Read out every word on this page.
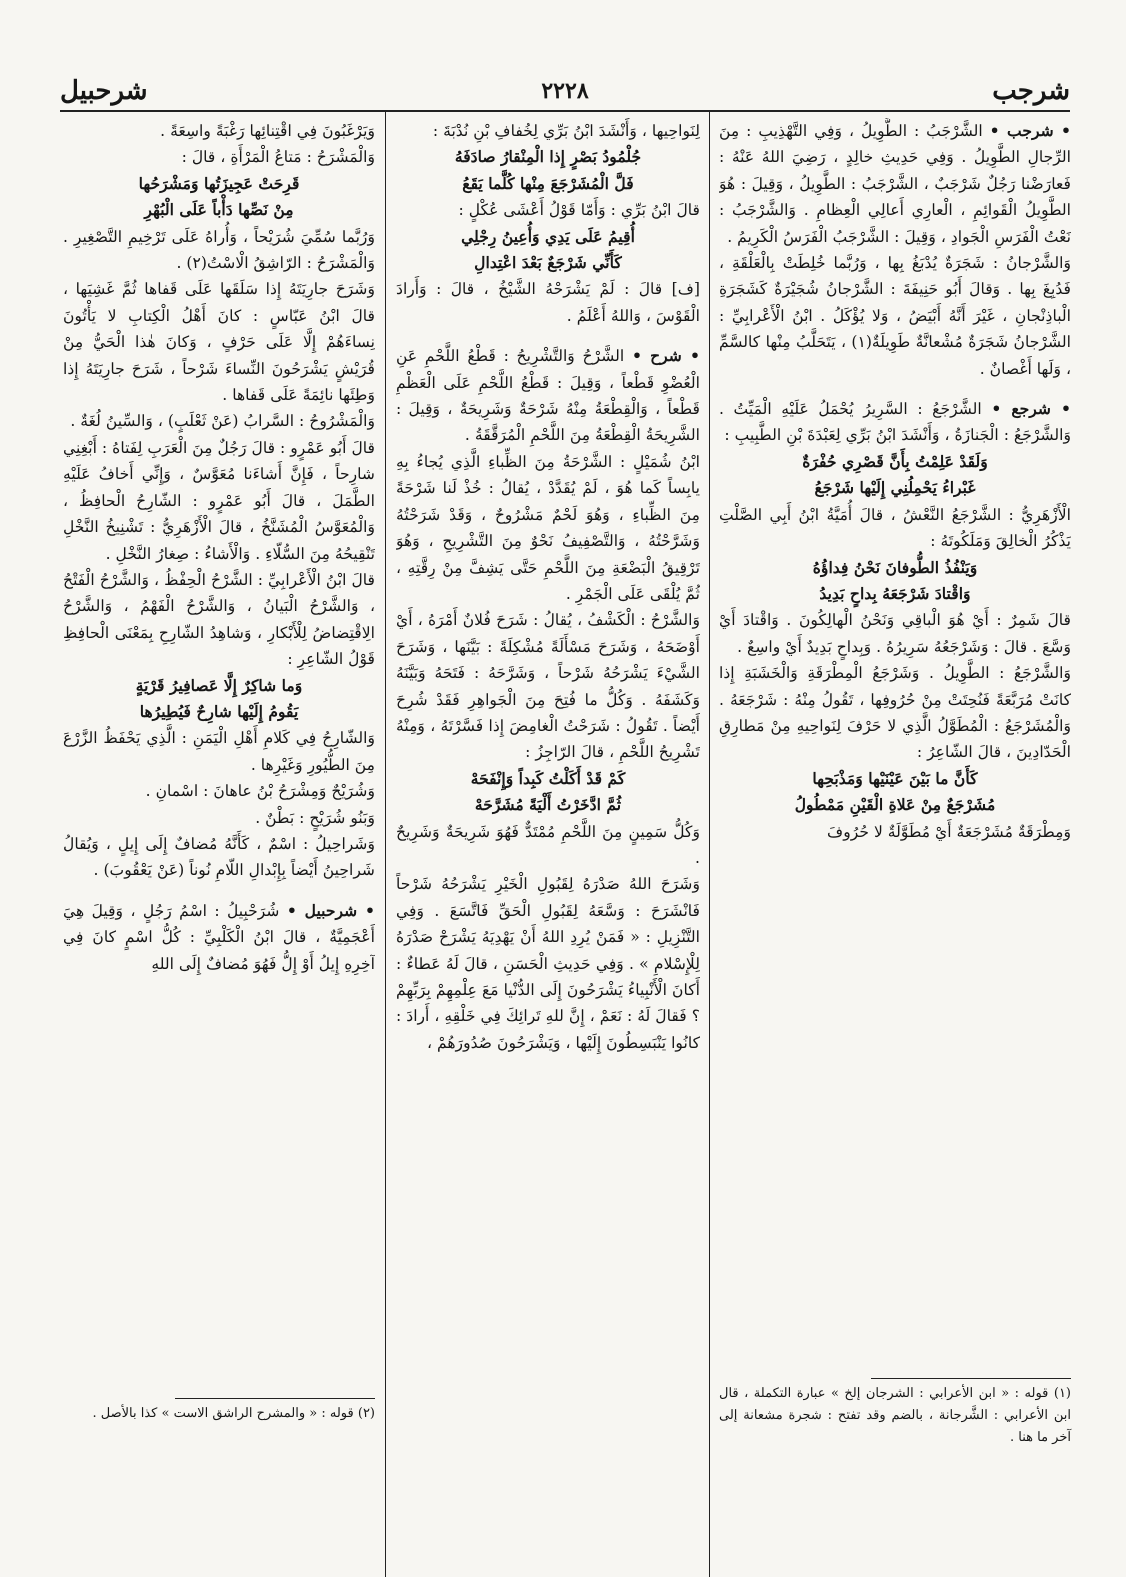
شرجب
٢٢٢٨
شرحبيل

• شرجب • الشَّرْجَبُ : الطَّوِيلُ ، وَفِي التَّهْذِيبِ : مِنَ الرِّجالِ الطَّوِيلُ . وَفِي حَدِيثِ خالِدٍ ، رَضِيَ اللهُ عَنْهُ : فَعارَضْنا رَجُلٌ شَرْجَبٌ ، الشَّرْجَبُ : الطَّوِيلُ ، وَقِيلَ : هُوَ الطَّوِيلُ الْقَوائِمِ ، الْعارِي أَعالِي الْعِظامِ . وَالشَّرْجَبُ : نَعْتُ الْفَرَسِ الْجَوادِ ، وَقِيلَ : الشَّرْجَبُ الْفَرَسُ الْكَرِيمُ .

وَالشَّرْجانُ : شَجَرَةٌ يُدْبَغُ بِها ، وَرُبَّما خُلِطَتْ بِالْعَلْقَةِ ، فَدُبِغَ بِها . وَقالَ أَبُو حَنِيفَةَ : الشَّرْجانُ شُجَيْرَةٌ كَشَجَرَةِ الْباذِنْجانِ ، غَيْرَ أَنَّهُ أَبْيَضُ ، وَلا يُؤْكَلُ . ابْنُ الْأَعْرابِيِّ : الشَّرْجانُ شَجَرَةٌ مُشْعانَّةٌ طَوِيلَةٌ(١) ، يَتَحَلَّبُ مِنْها كالسَّمِّ ، وَلَها أَغْصانٌ .

• شرجع • الشَّرْجَعُ : السَّرِيرُ يُحْمَلُ عَلَيْهِ الْمَيِّتُ . وَالشَّرْجَعُ : الْجَنازَةُ ، وَأَنْشَدَ ابْنُ بَرِّي لِعَبْدَةَ بْنِ الطَّبِيبِ :

وَلَقَدْ عَلِمْتُ بِأَنَّ قَصْرِي حُفْرَةٌ

غَبْراءُ يَحْمِلُنِي إِلَيْها شَرْجَعُ

الْأَزْهَرِيُّ : الشَّرْجَعُ النَّعْشُ ، قالَ أُمَيَّةُ ابْنُ أَبِي الصَّلْتِ يَذْكُرُ الْخالِقَ وَمَلَكُوتَهُ :

وَيَنْفُذُ الطُّوفانَ نَحْنُ فِداؤُهُ

وَاقْتادَ شَرْجَعَهُ بِداحٍ بَدِيدُ

قالَ شَمِرٌ : أَيْ هُوَ الْباقِي وَنَحْنُ الْهالِكُونَ . وَاقْتادَ أَيْ وَسَّعَ . قالَ : وَشَرْجَعُهُ سَرِيرُهُ . وَبِداحٍ بَدِيدٌ أَيْ واسِعٌ .

وَالشَّرْجَعُ : الطَّوِيلُ . وَشَرْجَعُ الْمِطْرَقَةِ وَالْخَشَبَةِ إِذا كانَتْ مُرَبَّعَةً فَنُحِتَتْ مِنْ حُرُوفِها ، تَقُولُ مِنْهُ : شَرْجَعَهُ . وَالْمُشَرْجَعُ : الْمُطَوَّلُ الَّذِي لا حَرْفَ لِنَواحِيهِ مِنْ مَطارِقِ الْحَدّادِينَ ، قالَ الشّاعِرُ :

كَأَنَّ ما بَيْنَ عَيْنَيْها وَمَذْبَحِها

مُشَرْجَعٌ مِنْ عَلاةِ الْقَيْنِ مَمْطُولُ

وَمِطْرَقَةٌ مُشَرْجَعَةٌ أَيْ مُطَوَّلَةٌ لا حُرُوفَ

لِنَواحِيها ، وَأَنْشَدَ ابْنُ بَرِّي لِخُفافِ بْنِ نُدْبَةَ :

جُلْمُودُ بَصْرٍ إِذا الْمِنْقارُ صادَفَهُ

فَلَّ الْمُشَرْجَعَ مِنْها كُلَّما يَقَعُ

قالَ ابْنُ بَرِّي : وَأَمّا قَوْلُ أَعْشَى عُكْلٍ :

أُقِيمُ عَلَى يَدِي وَأُعِينُ رِجْلِي

كَأَنِّي شَرْجَعٌ بَعْدَ اعْتِدالِ

[ف] قالَ : لَمْ يَشْرَحْهُ الشَّيْخُ ، قالَ : وَأَرادَ الْقَوْسَ ، وَاللهُ أَعْلَمُ .

• شرح • الشَّرْحُ وَالتَّشْرِيحُ : قَطْعُ اللَّحْمِ عَنِ الْعُضْوِ قَطْعاً ، وَقِيلَ : قَطْعُ اللَّحْمِ عَلَى الْعَظْمِ قَطْعاً ، وَالْقِطْعَةُ مِنْهُ شَرْحَةٌ وَشَرِيحَةٌ ، وَقِيلَ : الشَّرِيحَةُ الْقِطْعَةُ مِنَ اللَّحْمِ الْمُرَقَّقَةُ .

ابْنُ شُمَيْلٍ : الشَّرْحَةُ مِنَ الظِّباءِ الَّذِي يُجاءُ بِهِ يابِساً كَما هُوَ ، لَمْ يُقَدَّدْ ، يُقالُ : خُذْ لَنا شَرْحَةً مِنَ الظِّباءِ ، وَهُوَ لَحْمٌ مَشْرُوحٌ ، وَقَدْ شَرَحْتُهُ وَشَرَّحْتُهُ ، وَالتَّصْفِيفُ نَحْوٌ مِنَ التَّشْرِيحِ ، وَهُوَ تَرْقِيقُ الْبَضْعَةِ مِنَ اللَّحْمِ حَتَّى يَشِفَّ مِنْ رِقَّتِهِ ، ثُمَّ يُلْقَى عَلَى الْجَمْرِ .

وَالشَّرْحُ : الْكَشْفُ ، يُقالُ : شَرَحَ فُلانٌ أَمْرَهُ ، أَيْ أَوْضَحَهُ ، وَشَرَحَ مَسْأَلَةً مُشْكِلَةً : بَيَّنَها ، وَشَرَحَ الشَّيْءَ يَشْرَحُهُ شَرْحاً ، وَشَرَّحَهُ : فَتَحَهُ وَبَيَّنَهُ وَكَشَفَهُ . وَكُلُّ ما فُتِحَ مِنَ الْجَواهِرِ فَقَدْ شُرِحَ أَيْضاً . تَقُولُ : شَرَحْتُ الْغامِضَ إِذا فَسَّرْتَهُ ، وَمِنْهُ تَشْرِيحُ اللَّحْمِ ، قالَ الرّاجِزُ :

كَمْ قَدْ أَكَلْتُ كَبِداً وَإِنْفَحَهْ

ثُمَّ ادَّخَرْتُ أَلْيَةً مُشَرَّحَهْ

وَكُلُّ سَمِينٍ مِنَ اللَّحْمِ مُمْتَدٌّ فَهُوَ شَرِيحَةٌ وَشَرِيحٌ .

وَشَرَحَ اللهُ صَدْرَهُ لِقَبُولِ الْخَيْرِ يَشْرَحُهُ شَرْحاً فَانْشَرَحَ : وَسَّعَهُ لِقَبُولِ الْحَقِّ فَاتَّسَعَ . وَفِي التَّنْزِيلِ : « فَمَنْ يُرِدِ اللهُ أَنْ يَهْدِيَهُ يَشْرَحْ صَدْرَهُ لِلْإِسْلامِ » . وَفِي حَدِيثِ الْحَسَنِ ، قالَ لَهُ عَطاءٌ : أَكانَ الْأَنْبِياءُ يَشْرَحُونَ إِلَى الدُّنْيا مَعَ عِلْمِهِمْ بِرَبِّهِمْ ؟ فَقالَ لَهُ : نَعَمْ ، إِنَّ للهِ تَرائِكَ فِي خَلْقِهِ ، أَرادَ : كانُوا يَنْبَسِطُونَ إِلَيْها ، وَيَشْرَحُونَ صُدُورَهُمْ ،

وَيَرْغَبُونَ فِي اقْتِنائِها رَغْبَةً واسِعَةً .

وَالْمَشْرَحُ : مَتاعُ الْمَرْأَةِ ، قالَ :

قَرِحَتْ عَجِيزَتُها وَمَشْرَحُها

مِنْ نَصِّها دَأْباً عَلَى الْبُهْرِ

وَرُبَّما سُمِّيَ شُرَيْحاً ، وَأُراهُ عَلَى تَرْخِيمِ التَّصْغِيرِ . وَالْمَشْرَحُ : الرّاشِقُ الْاسْتُ(٢) .

وَشَرَحَ جارِيَتَهُ إِذا سَلَقَها عَلَى قَفاها ثُمَّ غَشِيَها ، قالَ ابْنُ عَبّاسٍ : كانَ أَهْلُ الْكِتابِ لا يَأْتُونَ نِساءَهُمْ إِلَّا عَلَى حَرْفٍ ، وَكانَ هٰذا الْحَيُّ مِنْ قُرَيْشٍ يَشْرَحُونَ النِّساءَ شَرْحاً ، شَرَحَ جارِيَتَهُ إِذا وَطِئَها نائِمَةً عَلَى قَفاها .

وَالْمَشْرُوحُ : السَّرابُ (عَنْ ثَعْلَبٍ) ، وَالسِّينُ لُغَةٌ .

قالَ أَبُو عَمْرٍو : قالَ رَجُلٌ مِنَ الْعَرَبِ لِفَتاهُ : أَبْغِنِي شارِحاً ، فَإِنَّ أَشاءَنا مُعَوَّسٌ ، وَإِنِّي أَخافُ عَلَيْهِ الطَّمَلَ ، قالَ أَبُو عَمْرٍو : الشّارِحُ الْحافِظُ ، وَالْمُعَوَّسُ الْمُشَنَّخُ ، قالَ الْأَزْهَرِيُّ : تَشْنِيخُ النَّخْلِ تَنْقِيحُهُ مِنَ السُّلّاءِ . وَالْأَشاءُ : صِغارُ النَّخْلِ .

قالَ ابْنُ الْأَعْرابِيِّ : الشَّرْحُ الْحِفْظُ ، وَالشَّرْحُ الْفَتْحُ ، وَالشَّرْحُ الْبَيانُ ، وَالشَّرْحُ الْفَهْمُ ، وَالشَّرْحُ الِاقْتِضاضُ لِلْأَبْكارِ ، وَشاهِدُ الشّارِحِ بِمَعْنَى الْحافِظِ قَوْلُ الشّاعِرِ :

وَما شاكِرٌ إِلَّا عَصافِيرُ قَرْيَةٍ

يَقُومُ إِلَيْها شارِحٌ فَيُطِيرُها

وَالشّارِحُ فِي كَلامِ أَهْلِ الْيَمَنِ : الَّذِي يَحْفَظُ الزَّرْعَ مِنَ الطُّيُورِ وَغَيْرِها .

وَشُرَيْحٌ وَمِشْرَحُ بْنُ عاهانَ : اسْمانِ .

وَبَنُو شُرَيْحٍ : بَطْنٌ .

وَشَراحِيلُ : اسْمٌ ، كَأَنَّهُ مُضافٌ إِلَى إِيلٍ ، وَيُقالُ شَراحِينُ أَيْضاً بِإِبْدالِ اللّامِ نُوناً (عَنْ يَعْقُوبَ) .

• شرحبيل • شُرَحْبِيلُ : اسْمُ رَجُلٍ ، وَقِيلَ هِيَ أَعْجَمِيَّةٌ ، قالَ ابْنُ الْكَلْبِيِّ : كُلُّ اسْمٍ كانَ فِي آخِرِهِ إِيلُ أَوْ إِلُّ فَهُوَ مُضافٌ إِلَى اللهِ

(١) قوله : « ابن الأعرابي : الشرجان إلخ » عبارة التكملة ، قال ابن الأعرابي : الشَّرجانة ، بالضم وقد تفتح : شجرة مشعانة إلى آخر ما هنا .

(٢) قوله : « والمشرح الراشق الاست » كذا بالأصل .
